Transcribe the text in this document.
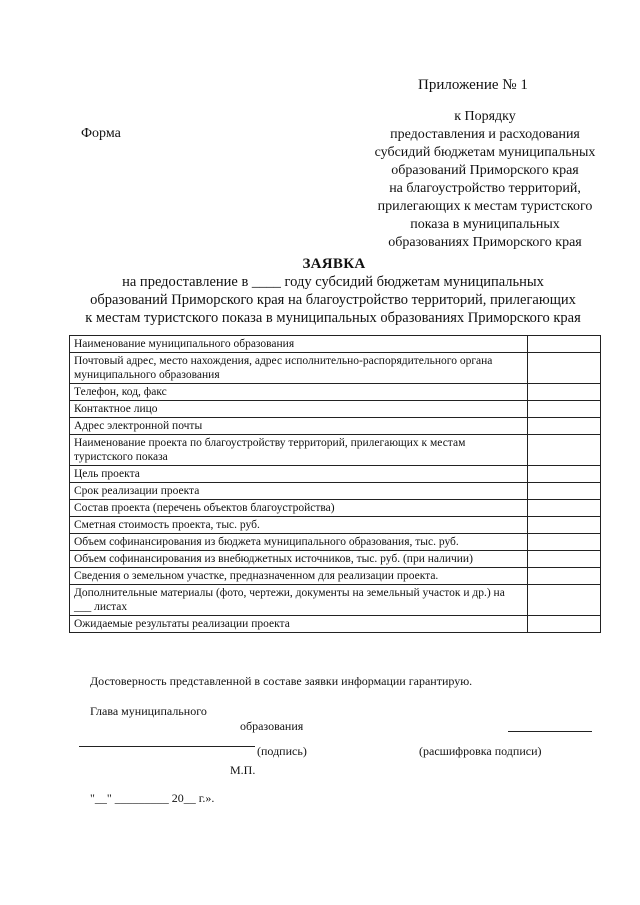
Приложение № 1
Форма
к Порядку
предоставления и расходования
субсидий бюджетам муниципальных
образований Приморского края
на благоустройство территорий,
прилегающих к местам туристского
показа в муниципальных
образованиях Приморского края
ЗАЯВКА
на предоставление в ____ году субсидий бюджетам муниципальных
образований Приморского края на благоустройство территорий, прилегающих
к местам туристского показа в муниципальных образованиях Приморского края
Наименование муниципального образования	
Почтовый адрес, место нахождения, адрес исполнительно-распорядительного органа муниципального образования	
Телефон, код, факс	
Контактное лицо	
Адрес электронной почты	
Наименование проекта по благоустройству территорий, прилегающих к местам туристского показа	
Цель проекта	
Срок реализации проекта	
Состав проекта (перечень объектов благоустройства)	
Сметная стоимость проекта, тыс. руб.	
Объем софинансирования из бюджета муниципального образования, тыс. руб.	
Объем софинансирования из внебюджетных источников, тыс. руб. (при наличии)	
Сведения о земельном участке, предназначенном для реализации проекта.	
Дополнительные материалы (фото, чертежи, документы на земельный участок и др.) на ___ листах	
Ожидаемые результаты реализации проекта	
Достоверность представленной в составе заявки информации гарантирую.
Глава муниципального
образования
(подпись)	(расшифровка подписи)
М.П.
"__" _________ 20__ г.».
